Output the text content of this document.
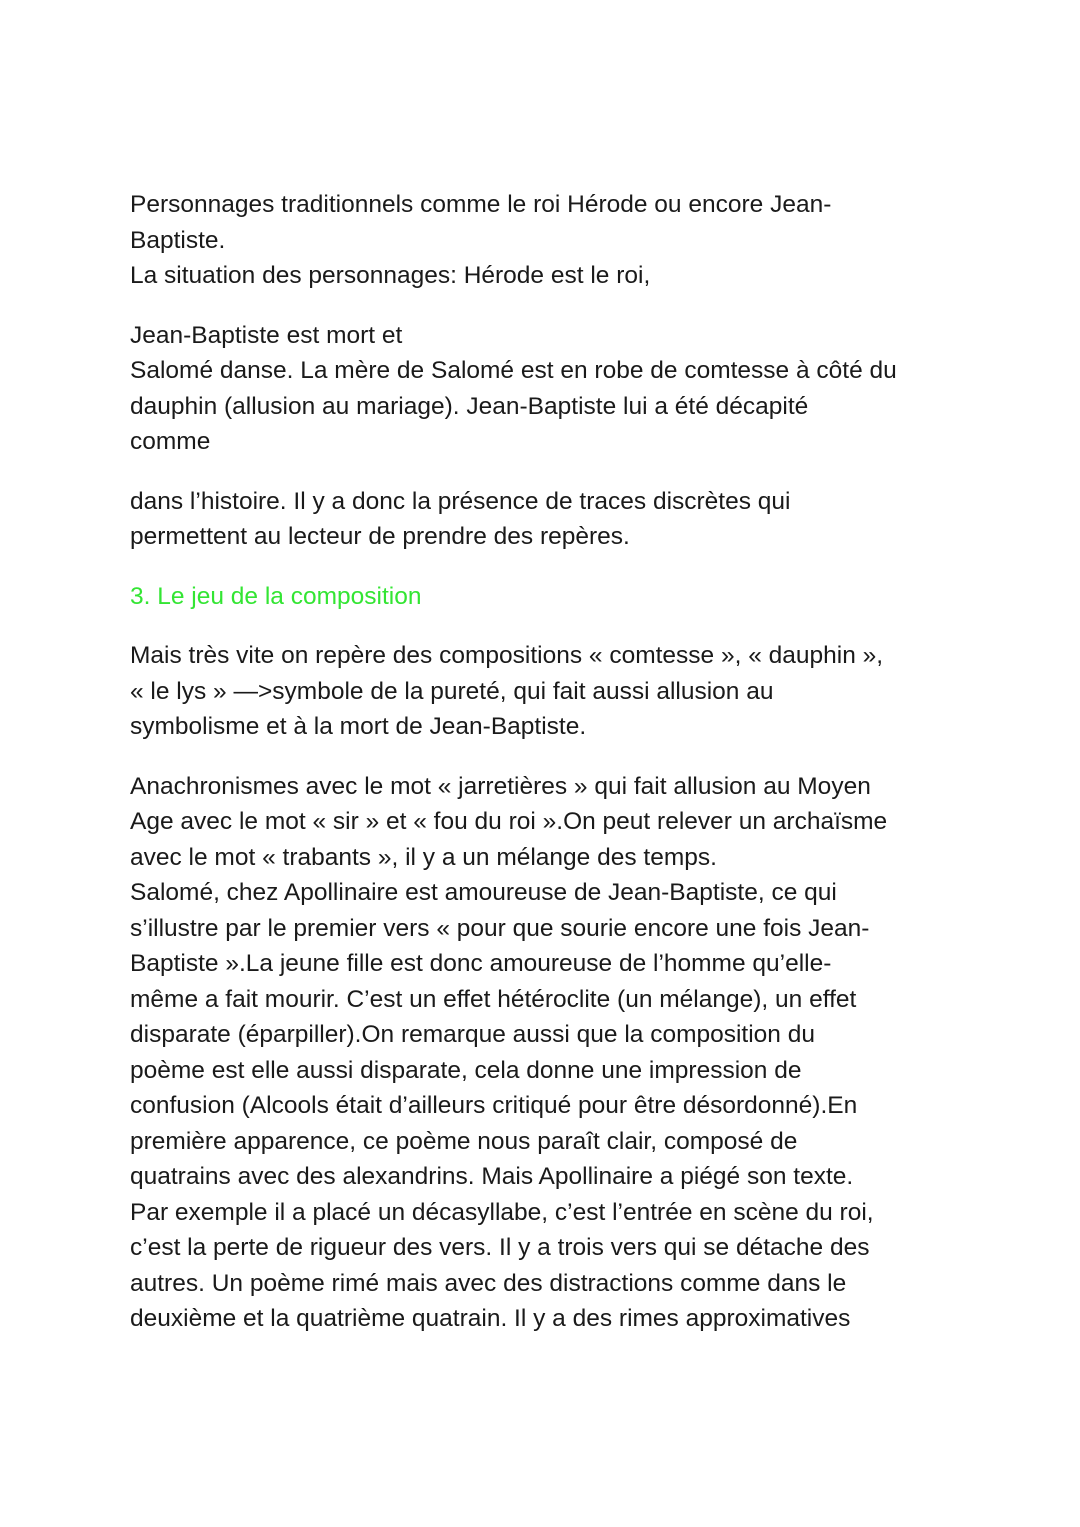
Personnages traditionnels comme le roi Hérode ou encore Jean-
Baptiste.
La situation des personnages: Hérode est le roi,
Jean-Baptiste est mort et
Salomé danse. La mère de Salomé est en robe de comtesse à côté du
dauphin (allusion au mariage). Jean-Baptiste lui a été décapité
comme
dans l’histoire. Il y a donc la présence de traces discrètes qui
permettent au lecteur de prendre des repères.
3. Le jeu de la composition
Mais très vite on repère des compositions « comtesse », « dauphin »,
« le lys » —>symbole de la pureté, qui fait aussi allusion au
symbolisme et à la mort de Jean-Baptiste.
Anachronismes avec le mot « jarretières » qui fait allusion au Moyen
Age avec le mot « sir » et « fou du roi ».On peut relever un archaïsme
avec le mot « trabants », il y a un mélange des temps.
Salomé, chez Apollinaire est amoureuse de Jean-Baptiste, ce qui
s’illustre par le premier vers « pour que sourie encore une fois Jean-
Baptiste ».La jeune fille est donc amoureuse de l’homme qu’elle-
même a fait mourir. C’est un effet hétéroclite (un mélange), un effet
disparate (éparpiller).On remarque aussi que la composition du
poème est elle aussi disparate, cela donne une impression de
confusion (Alcools était d’ailleurs critiqué pour être désordonné).En
première apparence, ce poème nous paraît clair, composé de
quatrains avec des alexandrins. Mais Apollinaire a piégé son texte.
Par exemple il a placé un décasyllabe, c’est l’entrée en scène du roi,
c’est la perte de rigueur des vers. Il y a trois vers qui se détache des
autres. Un poème rimé mais avec des distractions comme dans le
deuxième et la quatrième quatrain. Il y a des rimes approximatives
